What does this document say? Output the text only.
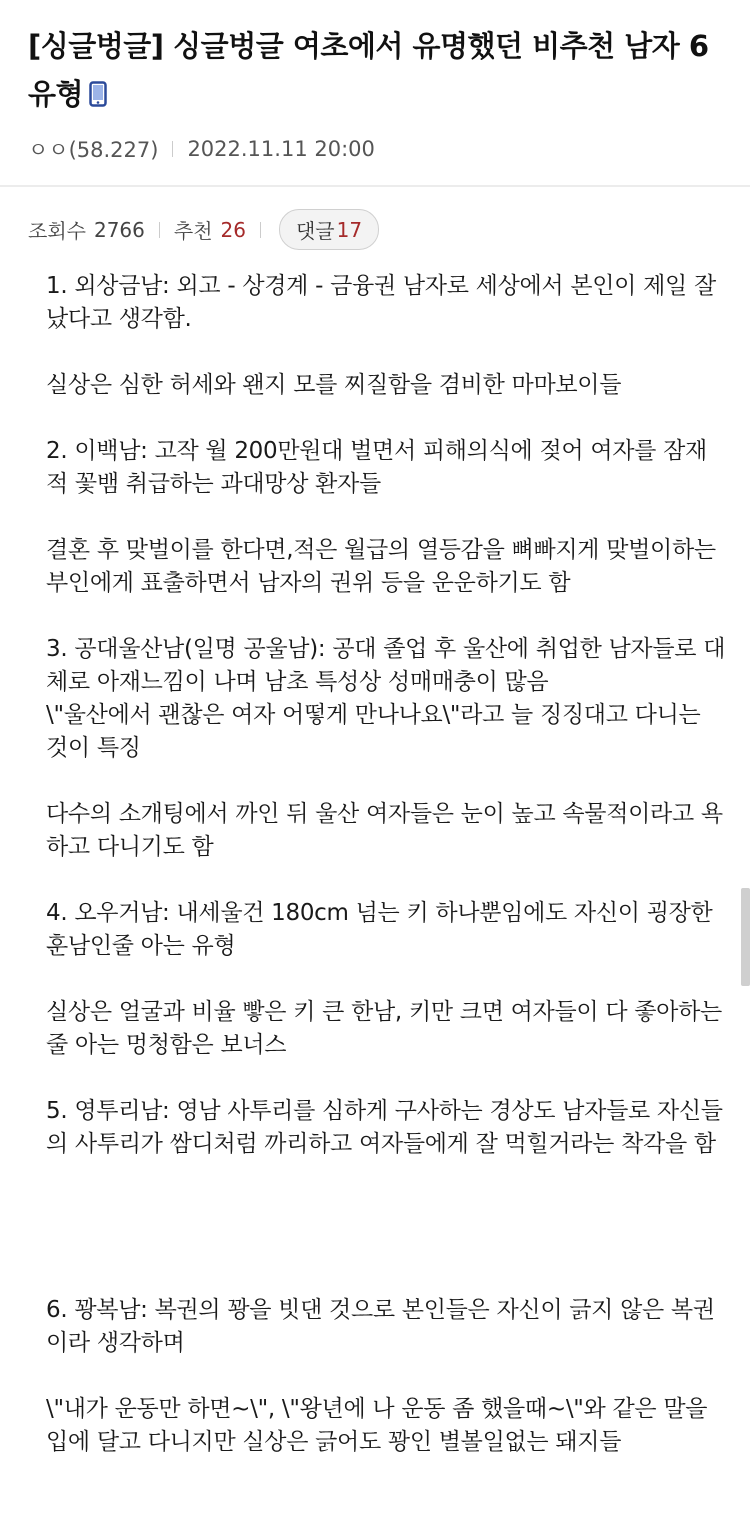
[싱글벙글] 싱글벙글 여초에서 유명했던 비추천 남자 6유형
ㅇㅇ(58.227) 2022.11.11 20:00
조회수 2766 추천 26	댓글 17

1. 외상금남: 외고 - 상경계 - 금융권 남자로 세상에서 본인이 제일 잘났다고 생각함.

실상은 심한 허세와 왠지 모를 찌질함을 겸비한 마마보이들

2. 이백남: 고작 월 200만원대 벌면서 피해의식에 젖어 여자를 잠재적 꽃뱀 취급하는 과대망상 환자들

결혼 후 맞벌이를 한다면,적은 월급의 열등감을 뼈빠지게 맞벌이하는 부인에게 표출하면서 남자의 권위 등을 운운하기도 함

3. 공대울산남(일명 공울남): 공대 졸업 후 울산에 취업한 남자들로 대체로 아재느낌이 나며 남초 특성상 성매매충이 많음
\"울산에서 괜찮은 여자 어떻게 만나나요\"라고 늘 징징대고 다니는 것이 특징

다수의 소개팅에서 까인 뒤 울산 여자들은 눈이 높고 속물적이라고 욕하고 다니기도 함

4. 오우거남: 내세울건 180cm 넘는 키 하나뿐임에도 자신이 굉장한 훈남인줄 아는 유형

실상은 얼굴과 비율 빻은 키 큰 한남, 키만 크면 여자들이 다 좋아하는 줄 아는 멍청함은 보너스

5. 영투리남: 영남 사투리를 심하게 구사하는 경상도 남자들로 자신들의 사투리가 쌈디처럼 까리하고 여자들에게 잘 먹힐거라는 착각을 함

6. 꽝복남: 복권의 꽝을 빗댄 것으로 본인들은 자신이 긁지 않은 복권이라 생각하며

\"내가 운동만 하면~\", \"왕년에 나 운동 좀 했을때~\"와 같은 말을 입에 달고 다니지만 실상은 긁어도 꽝인 별볼일없는 돼지들
